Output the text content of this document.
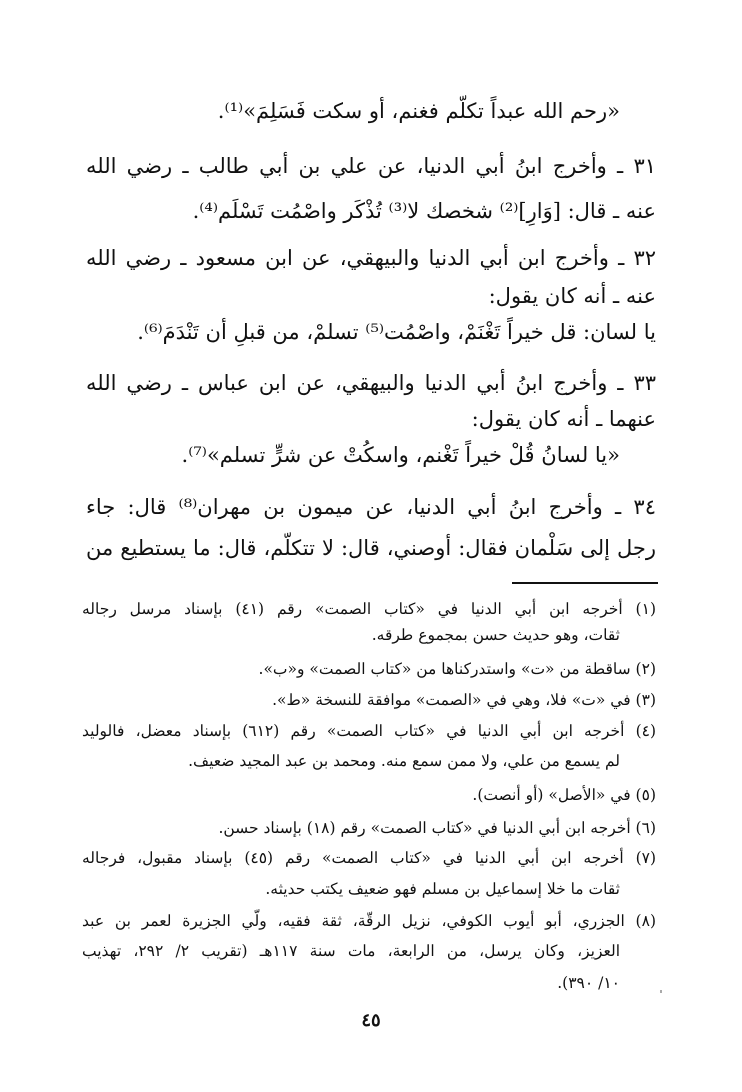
«رحم الله عبداً تكلّم فغنم، أو سكت فَسَلِمَ»⁽¹⁾.
٣١ ـ وأخرج ابنُ أبي الدنيا، عن علي بن أبي طالب ـ رضي الله
عنه ـ قال: [وَارِ]⁽²⁾ شخصك لا⁽³⁾ تُذْكَر واصْمُت تَسْلَم⁽⁴⁾.
٣٢ ـ وأخرج ابن أبي الدنيا والبيهقي، عن ابن مسعود ـ رضي الله
عنه ـ أنه كان يقول:
يا لسان: قل خيراً تَغْنَمْ، واصْمُت⁽⁵⁾ تسلمْ، من قبلِ أن تَنْدَمَ⁽⁶⁾.
٣٣ ـ وأخرج ابنُ أبي الدنيا والبيهقي، عن ابن عباس ـ رضي الله
عنهما ـ أنه كان يقول:
«يا لسانُ قُلْ خيراً تَغْنم، واسكُتْ عن شرٍّ تسلم»⁽⁷⁾.
٣٤ ـ وأخرج ابنُ أبي الدنيا، عن ميمون بن مهران⁽⁸⁾ قال: جاء
رجل إلى سَلْمان فقال: أوصني، قال: لا تتكلّم، قال: ما يستطيع من
(١) أخرجه ابن أبي الدنيا في «كتاب الصمت» رقم (٤١) بإسناد مرسل رجاله
ثقات، وهو حديث حسن بمجموع طرقه.
(٢) ساقطة من «ت» واستدركناها من «كتاب الصمت» و«ب».
(٣) في «ت» فلا، وهي في «الصمت» موافقة للنسخة «ط».
(٤) أخرجه ابن أبي الدنيا في «كتاب الصمت» رقم (٦١٢) بإسناد معضل، فالوليد
لم يسمع من علي، ولا ممن سمع منه. ومحمد بن عبد المجيد ضعيف.
(٥) في «الأصل» (أو أنصت).
(٦) أخرجه ابن أبي الدنيا في «كتاب الصمت» رقم (١٨) بإسناد حسن.
(٧) أخرجه ابن أبي الدنيا في «كتاب الصمت» رقم (٤٥) بإسناد مقبول، فرجاله
ثقات ما خلا إسماعيل بن مسلم فهو ضعيف يكتب حديثه.
(٨) الجزري، أبو أيوب الكوفي، نزيل الرقّة، ثقة فقيه، ولّي الجزيرة لعمر بن عبد
العزيز، وكان يرسل، من الرابعة، مات سنة ١١٧هـ (تقريب ٢/ ٢٩٢، تهذيب
١٠/ ٣٩٠).
٤٥
